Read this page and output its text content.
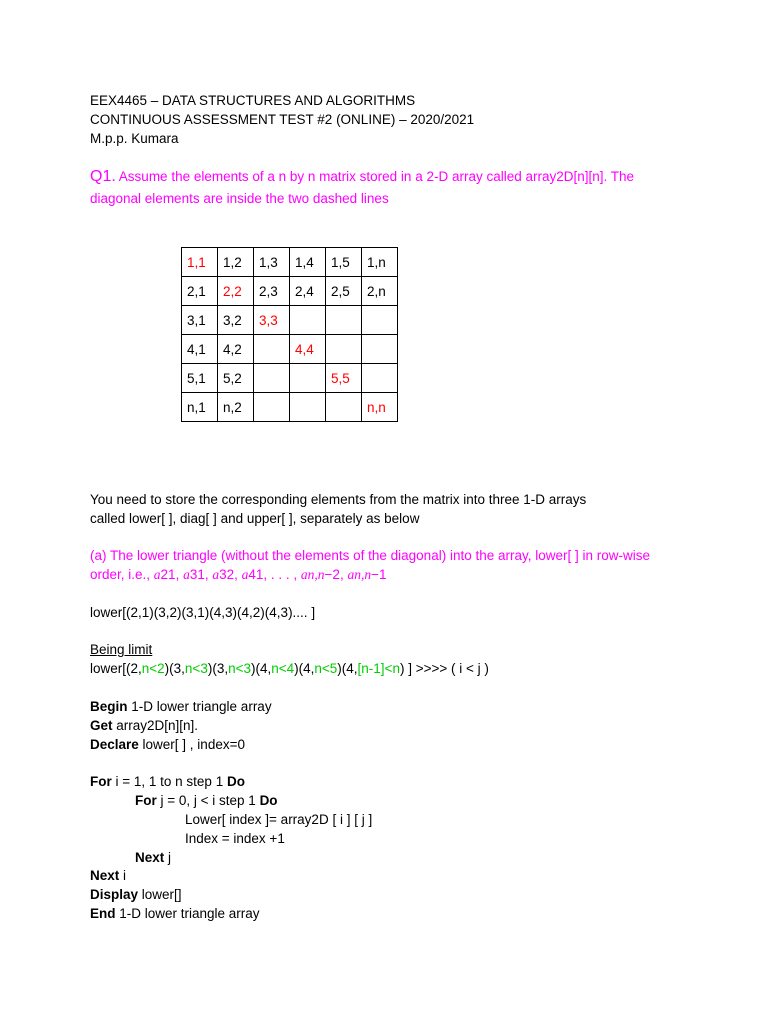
EEX4465 – DATA STRUCTURES AND ALGORITHMS
CONTINUOUS ASSESSMENT TEST #2 (ONLINE) – 2020/2021
M.p.p. Kumara
Q1. Assume the elements of a n by n matrix stored in a 2-D array called array2D[n][n]. The
diagonal elements are inside the two dashed lines
1,1	1,2	1,3	1,4	1,5	1,n
2,1	2,2	2,3	2,4	2,5	2,n
3,1	3,2	3,3			
4,1	4,2		4,4		
5,1	5,2			5,5	
n,1	n,2				n,n
You need to store the corresponding elements from the matrix into three 1-D arrays
called lower[ ], diag[ ] and upper[ ], separately as below
(a) The lower triangle (without the elements of the diagonal) into the array, lower[ ] in row-wise
order, i.e., a21, a31, a32, a41, . . . , an,n−2, an,n−1
lower[(2,1)(3,2)(3,1)(4,3)(4,2)(4,3).... ]
Being limit
lower[(2,n<2)(3,n<3)(3,n<3)(4,n<4)(4,n<5)(4,[n-1]<n) ] >>>> ( i < j )
Begin 1-D lower triangle array
Get array2D[n][n].
Declare lower[ ] , index=0
For i = 1, 1 to n step 1 Do
For j = 0, j < i step 1 Do
Lower[ index ]= array2D [ i ] [ j ]
Index = index +1
Next j
Next i
Display lower[]
End 1-D lower triangle array
